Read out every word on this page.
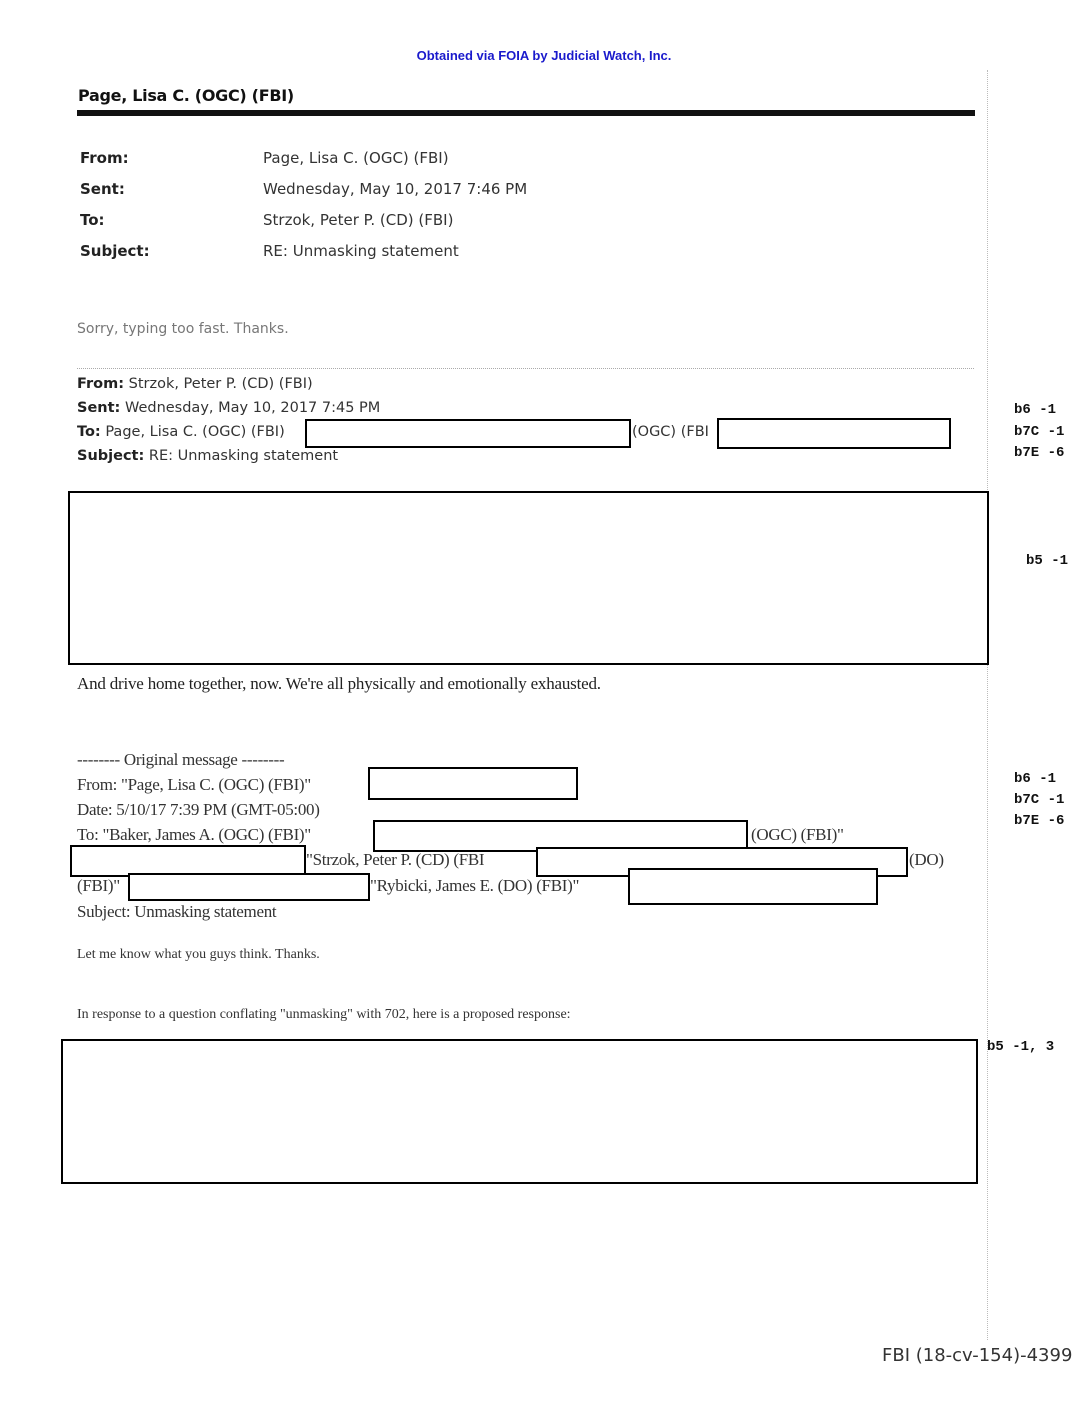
Obtained via FOIA by Judicial Watch, Inc.
Page, Lisa C. (OGC) (FBI)
From:	Page, Lisa C. (OGC) (FBI)
Sent:	Wednesday, May 10, 2017 7:46 PM
To:	Strzok, Peter P. (CD) (FBI)
Subject:	RE: Unmasking statement
Sorry, typing too fast. Thanks.
From: Strzok, Peter P. (CD) (FBI)
Sent: Wednesday, May 10, 2017 7:45 PM
To: Page, Lisa C. (OGC) (FBI)	(OGC) (FBI
Subject: RE: Unmasking statement
b6 -1
b7C -1
b7E -6
b5 -1
And drive home together, now. We're all physically and emotionally exhausted.
-------- Original message --------
From: "Page, Lisa C. (OGC) (FBI)"
Date: 5/10/17 7:39 PM (GMT-05:00)
To: "Baker, James A. (OGC) (FBI)"	(OGC) (FBI)"
"Strzok, Peter P. (CD) (FBI	(DO)
(FBI)"	"Rybicki, James E. (DO) (FBI)"
Subject: Unmasking statement
Let me know what you guys think. Thanks.
In response to a question conflating "unmasking" with 702, here is a proposed response:
b6 -1
b7C -1
b7E -6
b5 -1, 3
FBI (18-cv-154)-4399
